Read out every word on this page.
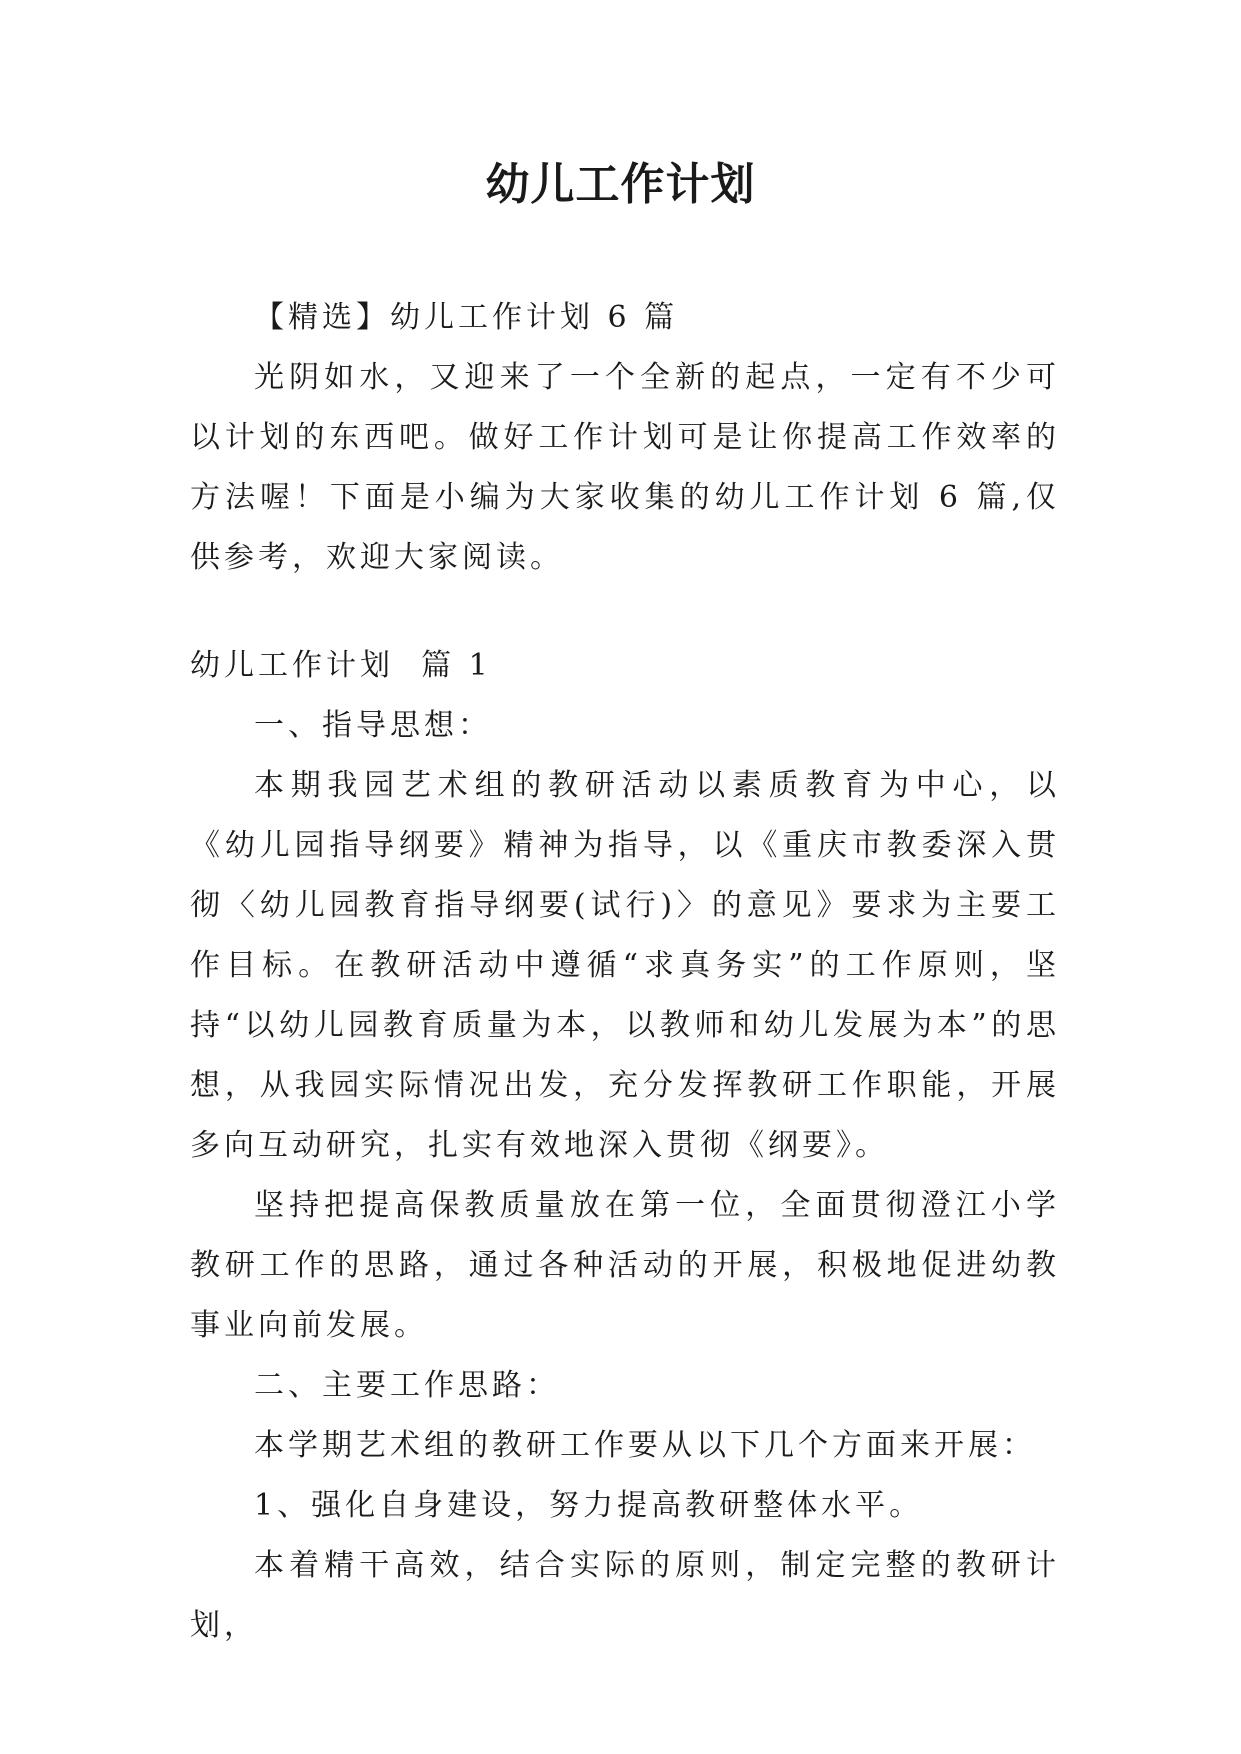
幼儿工作计划

【精选】幼儿工作计划 6 篇

光阴如水，又迎来了一个全新的起点，一定有不少可以计划的东西吧。做好工作计划可是让你提高工作效率的方法喔！下面是小编为大家收集的幼儿工作计划 6 篇,仅供参考，欢迎大家阅读。

幼儿工作计划  篇 1

一、指导思想：

本期我园艺术组的教研活动以素质教育为中心，以《幼儿园指导纲要》精神为指导，以《重庆市教委深入贯彻〈幼儿园教育指导纲要(试行)〉的意见》要求为主要工作目标。在教研活动中遵循“求真务实”的工作原则，坚持“以幼儿园教育质量为本，以教师和幼儿发展为本”的思想，从我园实际情况出发，充分发挥教研工作职能，开展多向互动研究，扎实有效地深入贯彻《纲要》。

坚持把提高保教质量放在第一位，全面贯彻澄江小学教研工作的思路，通过各种活动的开展，积极地促进幼教事业向前发展。

二、主要工作思路：

本学期艺术组的教研工作要从以下几个方面来开展：

1、强化自身建设，努力提高教研整体水平。

本着精干高效，结合实际的原则，制定完整的教研计划，
